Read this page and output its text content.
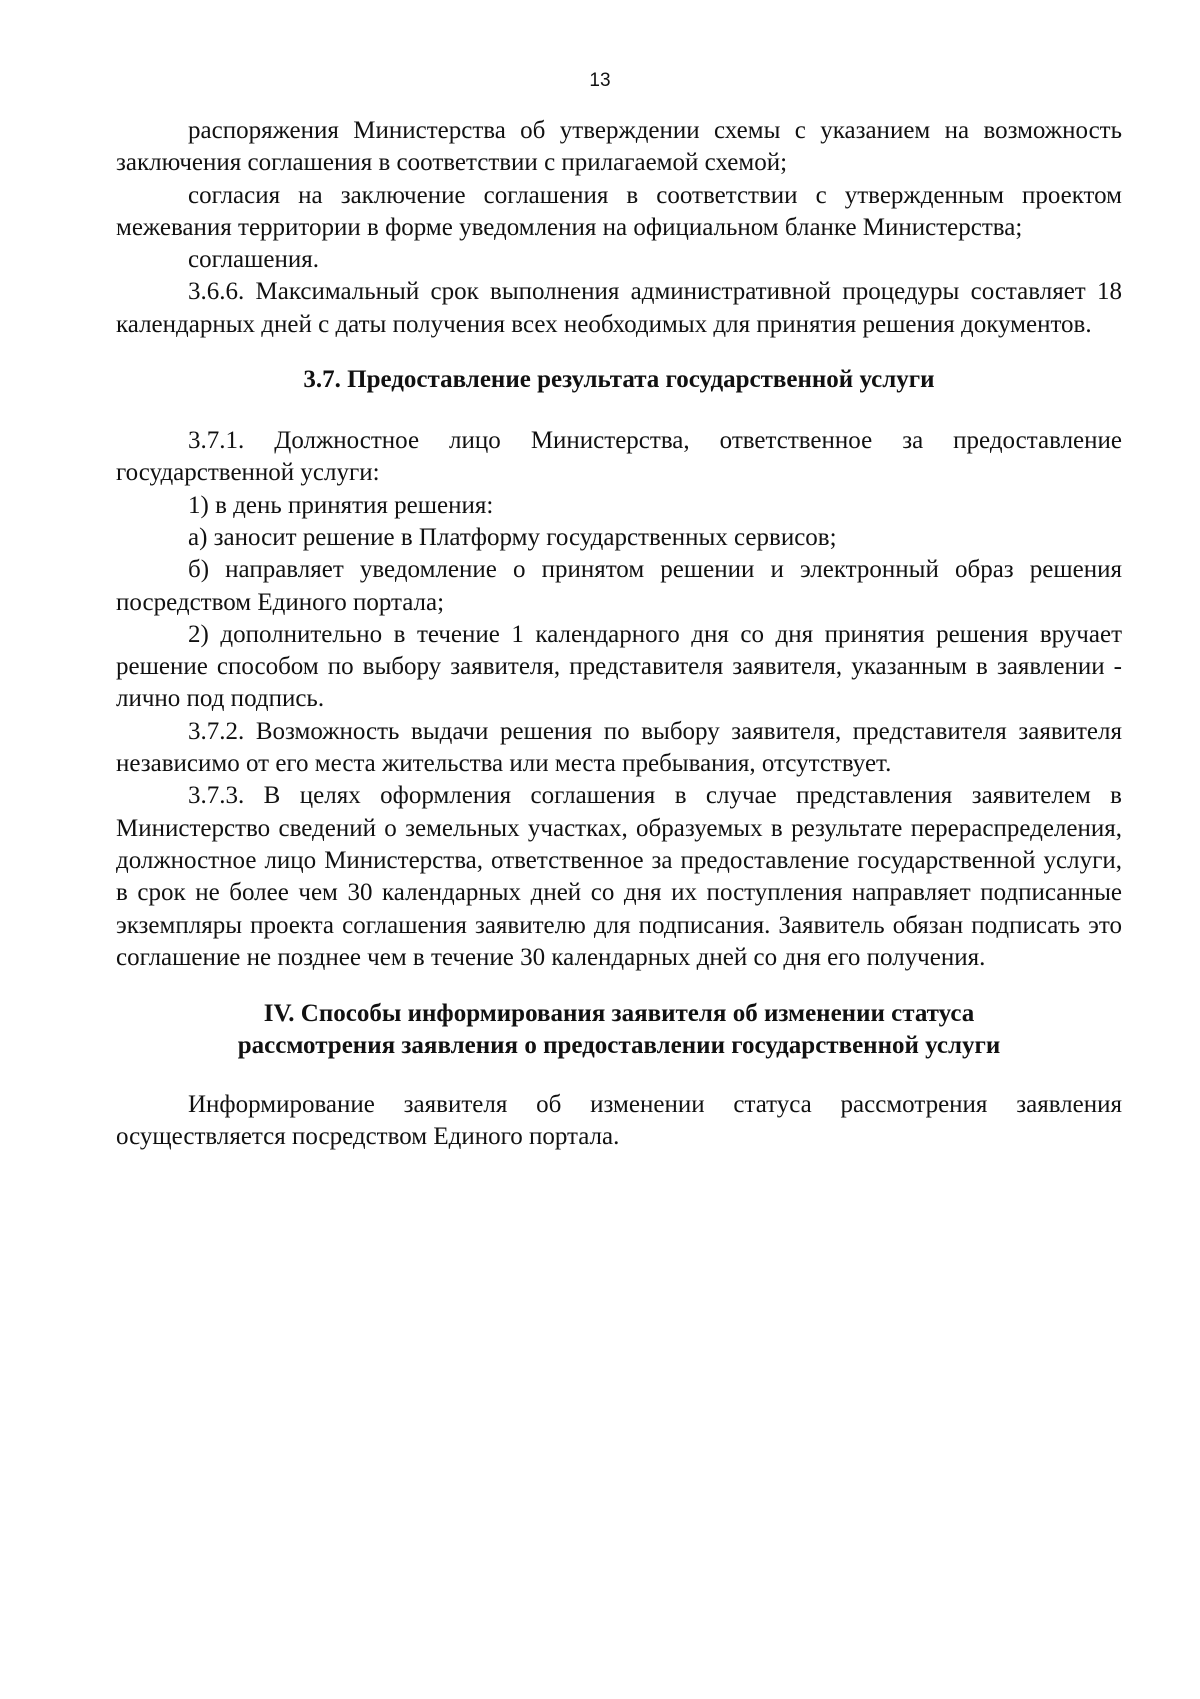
13

распоряжения Министерства об утверждении схемы с указанием на возможность заключения соглашения в соответствии с прилагаемой схемой;

согласия на заключение соглашения в соответствии с утвержденным проектом межевания территории в форме уведомления на официальном бланке Министерства;

соглашения.

3.6.6. Максимальный срок выполнения административной процедуры составляет 18 календарных дней с даты получения всех необходимых для принятия решения документов.

3.7. Предоставление результата государственной услуги

3.7.1. Должностное лицо Министерства, ответственное за предоставление государственной услуги:

1) в день принятия решения:

а) заносит решение в Платформу государственных сервисов;

б) направляет уведомление о принятом решении и электронный образ решения посредством Единого портала;

2) дополнительно в течение 1 календарного дня со дня принятия решения вручает решение способом по выбору заявителя, представителя заявителя, указанным в заявлении - лично под подпись.

3.7.2. Возможность выдачи решения по выбору заявителя, представителя заявителя независимо от его места жительства или места пребывания, отсутствует.

3.7.3. В целях оформления соглашения в случае представления заявителем в Министерство сведений о земельных участках, образуемых в результате перераспределения, должностное лицо Министерства, ответственное за предоставление государственной услуги, в срок не более чем 30 календарных дней со дня их поступления направляет подписанные экземпляры проекта соглашения заявителю для подписания. Заявитель обязан подписать это соглашение не позднее чем в течение 30 календарных дней со дня его получения.

IV. Способы информирования заявителя об изменении статуса
рассмотрения заявления о предоставлении государственной услуги

Информирование заявителя об изменении статуса рассмотрения заявления осуществляется посредством Единого портала.
